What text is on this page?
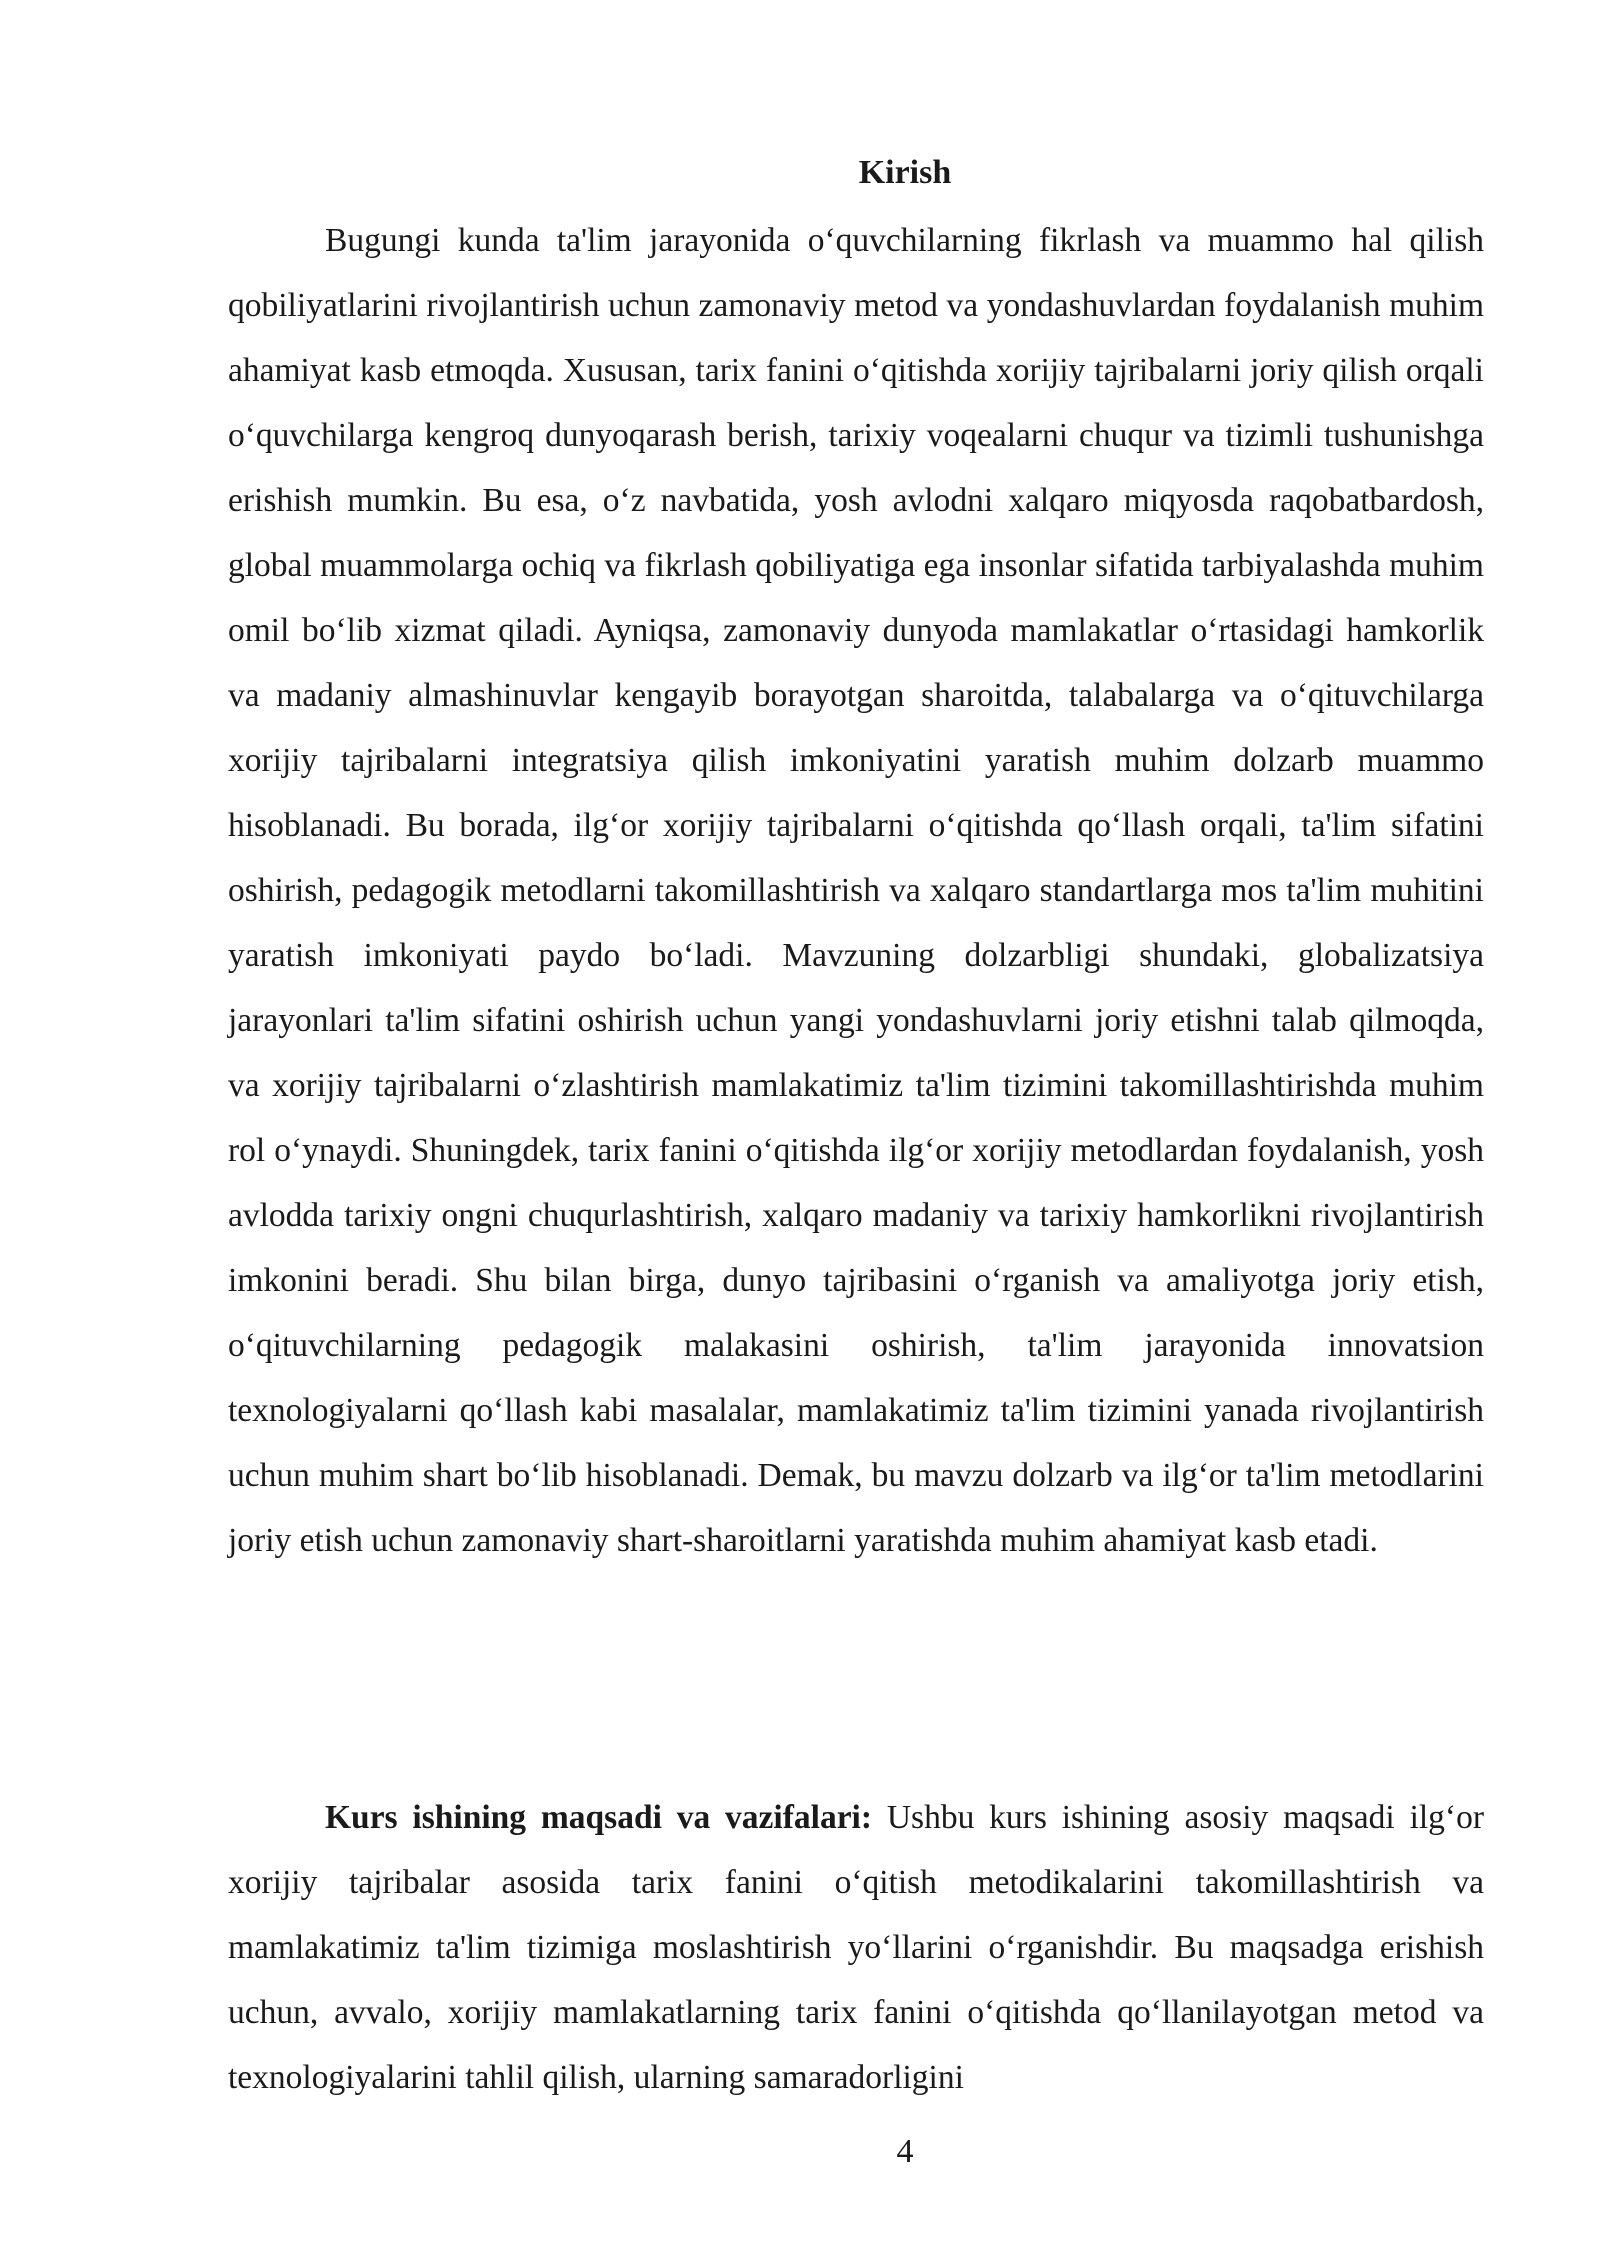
Kirish

Bugungi kunda ta'lim jarayonida o‘quvchilarning fikrlash va muammo hal qilish qobiliyatlarini rivojlantirish uchun zamonaviy metod va yondashuvlardan foydalanish muhim ahamiyat kasb etmoqda. Xususan, tarix fanini o‘qitishda xorijiy tajribalarni joriy qilish orqali o‘quvchilarga kengroq dunyoqarash berish, tarixiy voqealarni chuqur va tizimli tushunishga erishish mumkin. Bu esa, o‘z navbatida, yosh avlodni xalqaro miqyosda raqobatbardosh, global muammolarga ochiq va fikrlash qobiliyatiga ega insonlar sifatida tarbiyalashda muhim omil bo‘lib xizmat qiladi. Ayniqsa, zamonaviy dunyoda mamlakatlar o‘rtasidagi hamkorlik va madaniy almashinuvlar kengayib borayotgan sharoitda, talabalarga va o‘qituvchilarga xorijiy tajribalarni integratsiya qilish imkoniyatini yaratish muhim dolzarb muammo hisoblanadi. Bu borada, ilg‘or xorijiy tajribalarni o‘qitishda qo‘llash orqali, ta'lim sifatini oshirish, pedagogik metodlarni takomillashtirish va xalqaro standartlarga mos ta'lim muhitini yaratish imkoniyati paydo bo‘ladi. Mavzuning dolzarbligi shundaki, globalizatsiya jarayonlari ta'lim sifatini oshirish uchun yangi yondashuvlarni joriy etishni talab qilmoqda, va xorijiy tajribalarni o‘zlashtirish mamlakatimiz ta'lim tizimini takomillashtirishda muhim rol o‘ynaydi. Shuningdek, tarix fanini o‘qitishda ilg‘or xorijiy metodlardan foydalanish, yosh avlodda tarixiy ongni chuqurlashtirish, xalqaro madaniy va tarixiy hamkorlikni rivojlantirish imkonini beradi. Shu bilan birga, dunyo tajribasini o‘rganish va amaliyotga joriy etish, o‘qituvchilarning pedagogik malakasini oshirish, ta'lim jarayonida innovatsion texnologiyalarni qo‘llash kabi masalalar, mamlakatimiz ta'lim tizimini yanada rivojlantirish uchun muhim shart bo‘lib hisoblanadi. Demak, bu mavzu dolzarb va ilg‘or ta'lim metodlarini joriy etish uchun zamonaviy shart-sharoitlarni yaratishda muhim ahamiyat kasb etadi.

Kurs ishining maqsadi va vazifalari: Ushbu kurs ishining asosiy maqsadi ilg‘or xorijiy tajribalar asosida tarix fanini o‘qitish metodikalarini takomillashtirish va mamlakatimiz ta'lim tizimiga moslashtirish yo‘llarini o‘rganishdir. Bu maqsadga erishish uchun, avvalo, xorijiy mamlakatlarning tarix fanini o‘qitishda qo‘llanilayotgan metod va texnologiyalarini tahlil qilish, ularning samaradorligini

4
